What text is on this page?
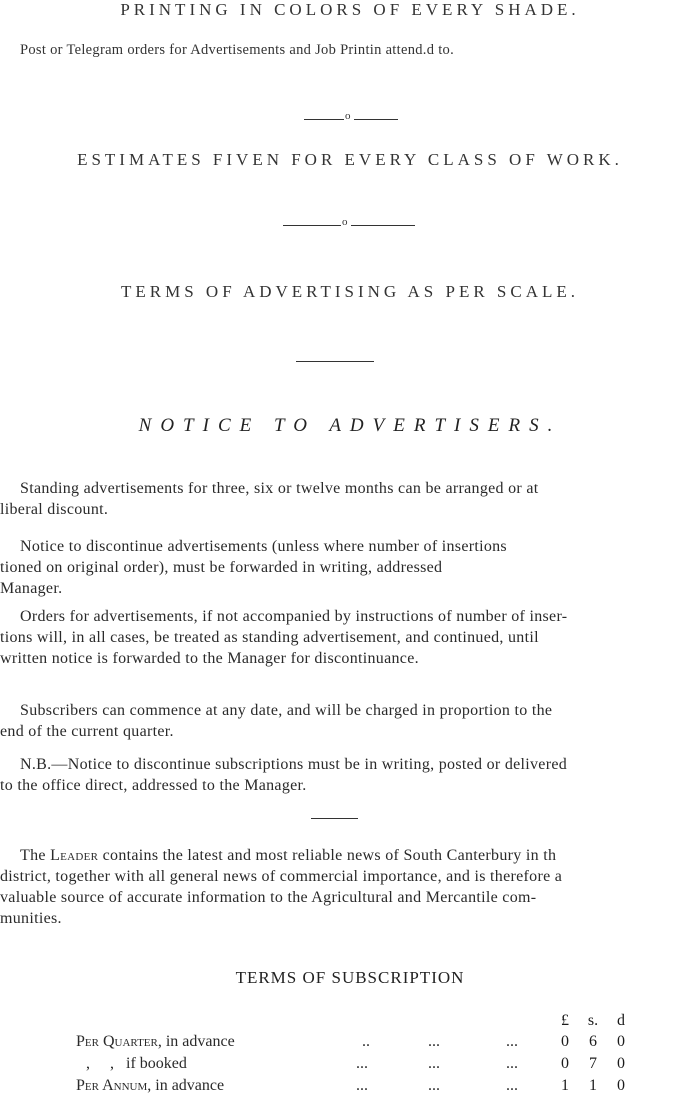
PRINTING IN COLORS OF EVERY SHADE.
Post or Telegram orders for Advertisements and Job Printin attend.d to.
o
ESTIMATES FIVEN FOR EVERY CLASS OF WORK.
o
TERMS OF ADVERTISING AS PER SCALE.
NOTICE TO ADVERTISERS.
Standing advertisements for three, six or twelve months can be arranged or at
liberal discount.
Notice to discontinue advertisements (unless where number of insertions
tioned on original order), must be forwarded in writing, addressed
Manager.
Orders for advertisements, if not accompanied by instructions of number of inser-
tions will, in all cases, be treated as standing advertisement, and continued, until
written notice is forwarded to the Manager for discontinuance.
Subscribers can commence at any date, and will be charged in proportion to the
end of the current quarter.
N.B.—Notice to discontinue subscriptions must be in writing, posted or delivered
to the office direct, addressed to the Manager.
The Leader contains the latest and most reliable news of South Canterbury in th
district, together with all general news of commercial importance, and is therefore a
valuable source of accurate information to the Agricultural and Mercantile com-
munities.
TERMS OF SUBSCRIPTION
£	s.	d
Per Quarter, in advance	..	...	...	0	6	0
,     ,   if booked	...	...	...	0	7	0
Per Annum, in advance	...	...	...	1	1	0
